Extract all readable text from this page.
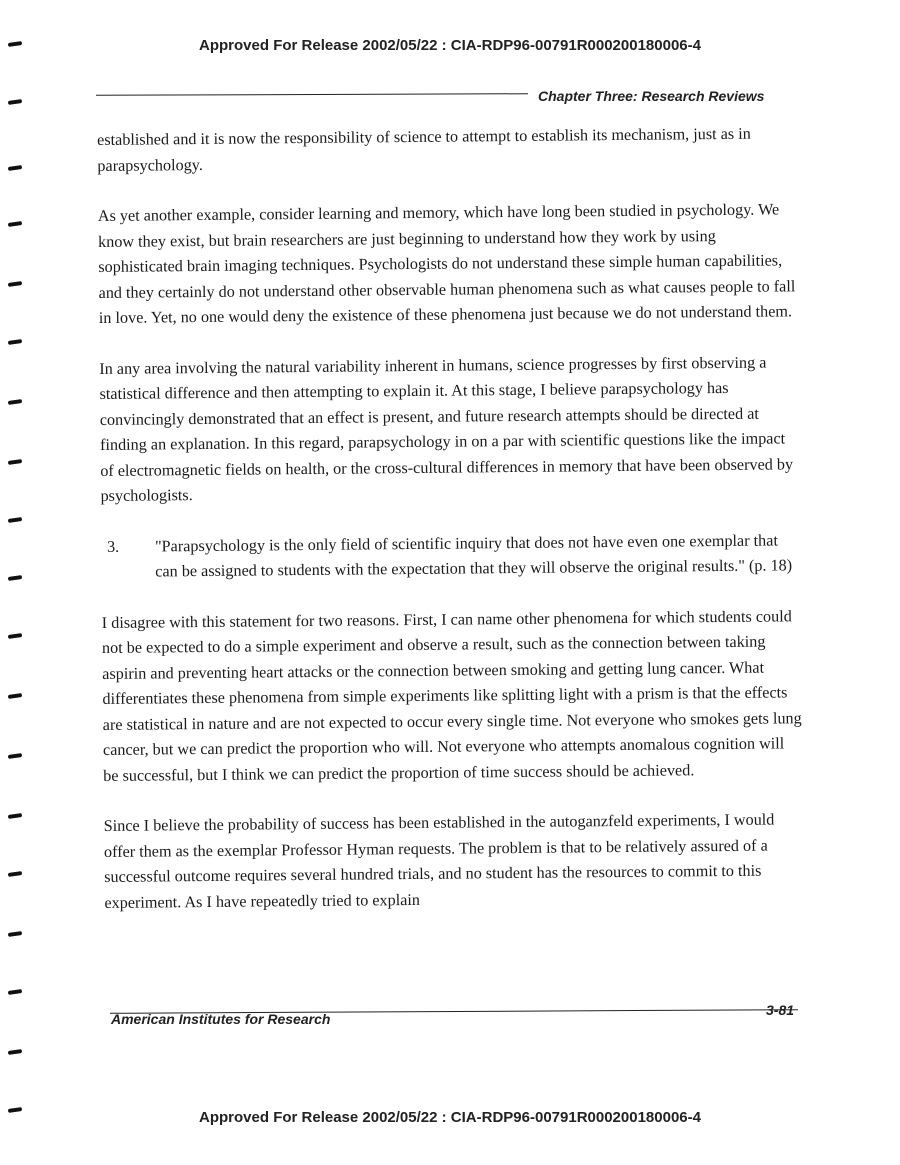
Approved For Release 2002/05/22 : CIA-RDP96-00791R000200180006-4
Chapter Three: Research Reviews

established and it is now the responsibility of science to attempt to establish its mechanism, just as in parapsychology.

As yet another example, consider learning and memory, which have long been studied in psychology. We know they exist, but brain researchers are just beginning to understand how they work by using sophisticated brain imaging techniques. Psychologists do not understand these simple human capabilities, and they certainly do not understand other observable human phenomena such as what causes people to fall in love. Yet, no one would deny the existence of these phenomena just because we do not understand them.

In any area involving the natural variability inherent in humans, science progresses by first observing a statistical difference and then attempting to explain it. At this stage, I believe parapsychology has convincingly demonstrated that an effect is present, and future research attempts should be directed at finding an explanation. In this regard, parapsychology in on a par with scientific questions like the impact of electromagnetic fields on health, or the cross-cultural differences in memory that have been observed by psychologists.

3.	"Parapsychology is the only field of scientific inquiry that does not have even one exemplar that can be assigned to students with the expectation that they will observe the original results." (p. 18)

I disagree with this statement for two reasons. First, I can name other phenomena for which students could not be expected to do a simple experiment and observe a result, such as the connection between taking aspirin and preventing heart attacks or the connection between smoking and getting lung cancer. What differentiates these phenomena from simple experiments like splitting light with a prism is that the effects are statistical in nature and are not expected to occur every single time. Not everyone who smokes gets lung cancer, but we can predict the proportion who will. Not everyone who attempts anomalous cognition will be successful, but I think we can predict the proportion of time success should be achieved.

Since I believe the probability of success has been established in the autoganzfeld experiments, I would offer them as the exemplar Professor Hyman requests. The problem is that to be relatively assured of a successful outcome requires several hundred trials, and no student has the resources to commit to this experiment. As I have repeatedly tried to explain

American Institutes for Research
3-81
Approved For Release 2002/05/22 : CIA-RDP96-00791R000200180006-4
